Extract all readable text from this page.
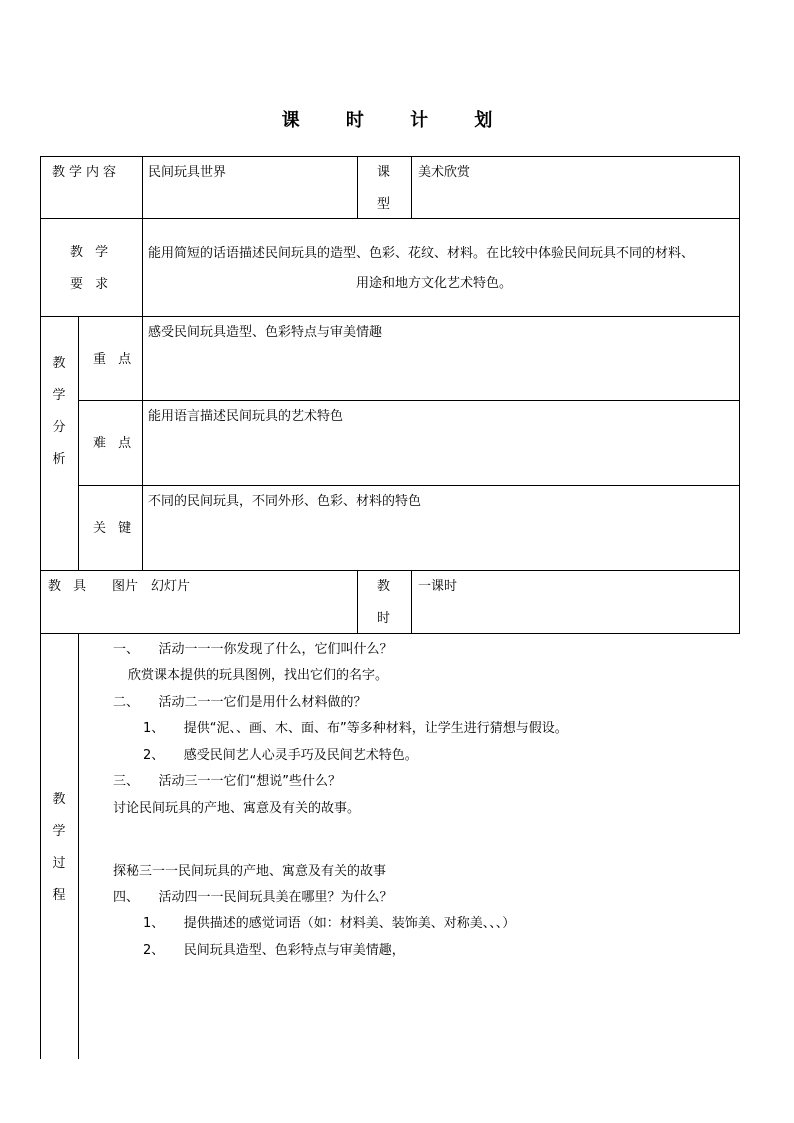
课 时 计 划
教学内容 民间玩具世界	课
型
美术欣赏
教 学
要 求
能用简短的话语描述民间玩具的造型、色彩、花纹、材料。在比较中体验民间玩具不同的材料、
用途和地方文化艺术特色。
教
学
分
析
重 点
感受民间玩具造型、色彩特点与审美情趣
难 点
能用语言描述民间玩具的艺术特色
关 键
不同的民间玩具，不同外形、色彩、材料的特色
教 具 图片　幻灯片	教
时
一课时
教
学
过
程
一、　　活动一一一你发现了什么，它们叫什么？
欣赏课本提供的玩具图例，找出它们的名字。
二、　　活动二一一它们是用什么材料做的？
1、　　提供“泥、、画、木、面、布”等多种材料，让学生进行猜想与假设。
2、　　感受民间艺人心灵手巧及民间艺术特色。
三、　　活动三一一它们“想说”些什么？
讨论民间玩具的产地、寓意及有关的故事。
探秘三一一民间玩具的产地、寓意及有关的故事
四、　　活动四一一民间玩具美在哪里？为什么？
1、　　提供描述的感觉词语（如：材料美、装饰美、对称美、、、）
2、　　民间玩具造型、色彩特点与审美情趣，
